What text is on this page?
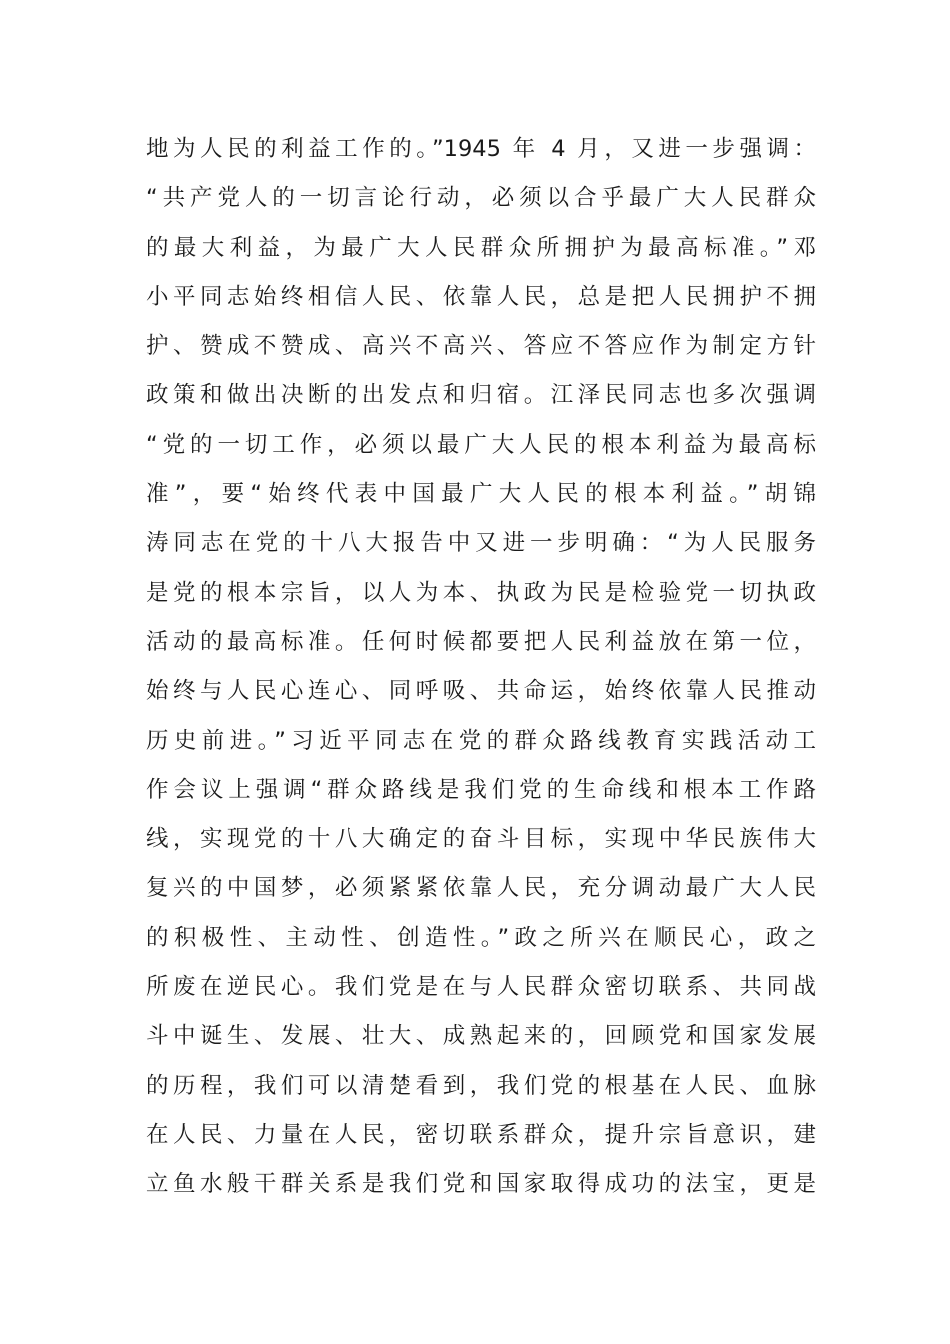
地为人民的利益工作的。”1945 年 4 月，又进一步强调：
“共产党人的一切言论行动，必须以合乎最广大人民群众
的最大利益，为最广大人民群众所拥护为最高标准。”邓
小平同志始终相信人民、依靠人民，总是把人民拥护不拥
护、赞成不赞成、高兴不高兴、答应不答应作为制定方针
政策和做出决断的出发点和归宿。江泽民同志也多次强调
“党的一切工作，必须以最广大人民的根本利益为最高标
准”，要“始终代表中国最广大人民的根本利益。”胡锦
涛同志在党的十八大报告中又进一步明确：“为人民服务
是党的根本宗旨，以人为本、执政为民是检验党一切执政
活动的最高标准。任何时候都要把人民利益放在第一位，
始终与人民心连心、同呼吸、共命运，始终依靠人民推动
历史前进。”习近平同志在党的群众路线教育实践活动工
作会议上强调“群众路线是我们党的生命线和根本工作路
线，实现党的十八大确定的奋斗目标，实现中华民族伟大
复兴的中国梦，必须紧紧依靠人民，充分调动最广大人民
的积极性、主动性、创造性。”政之所兴在顺民心，政之
所废在逆民心。我们党是在与人民群众密切联系、共同战
斗中诞生、发展、壮大、成熟起来的，回顾党和国家发展
的历程，我们可以清楚看到，我们党的根基在人民、血脉
在人民、力量在人民，密切联系群众，提升宗旨意识，建
立鱼水般干群关系是我们党和国家取得成功的法宝，更是
